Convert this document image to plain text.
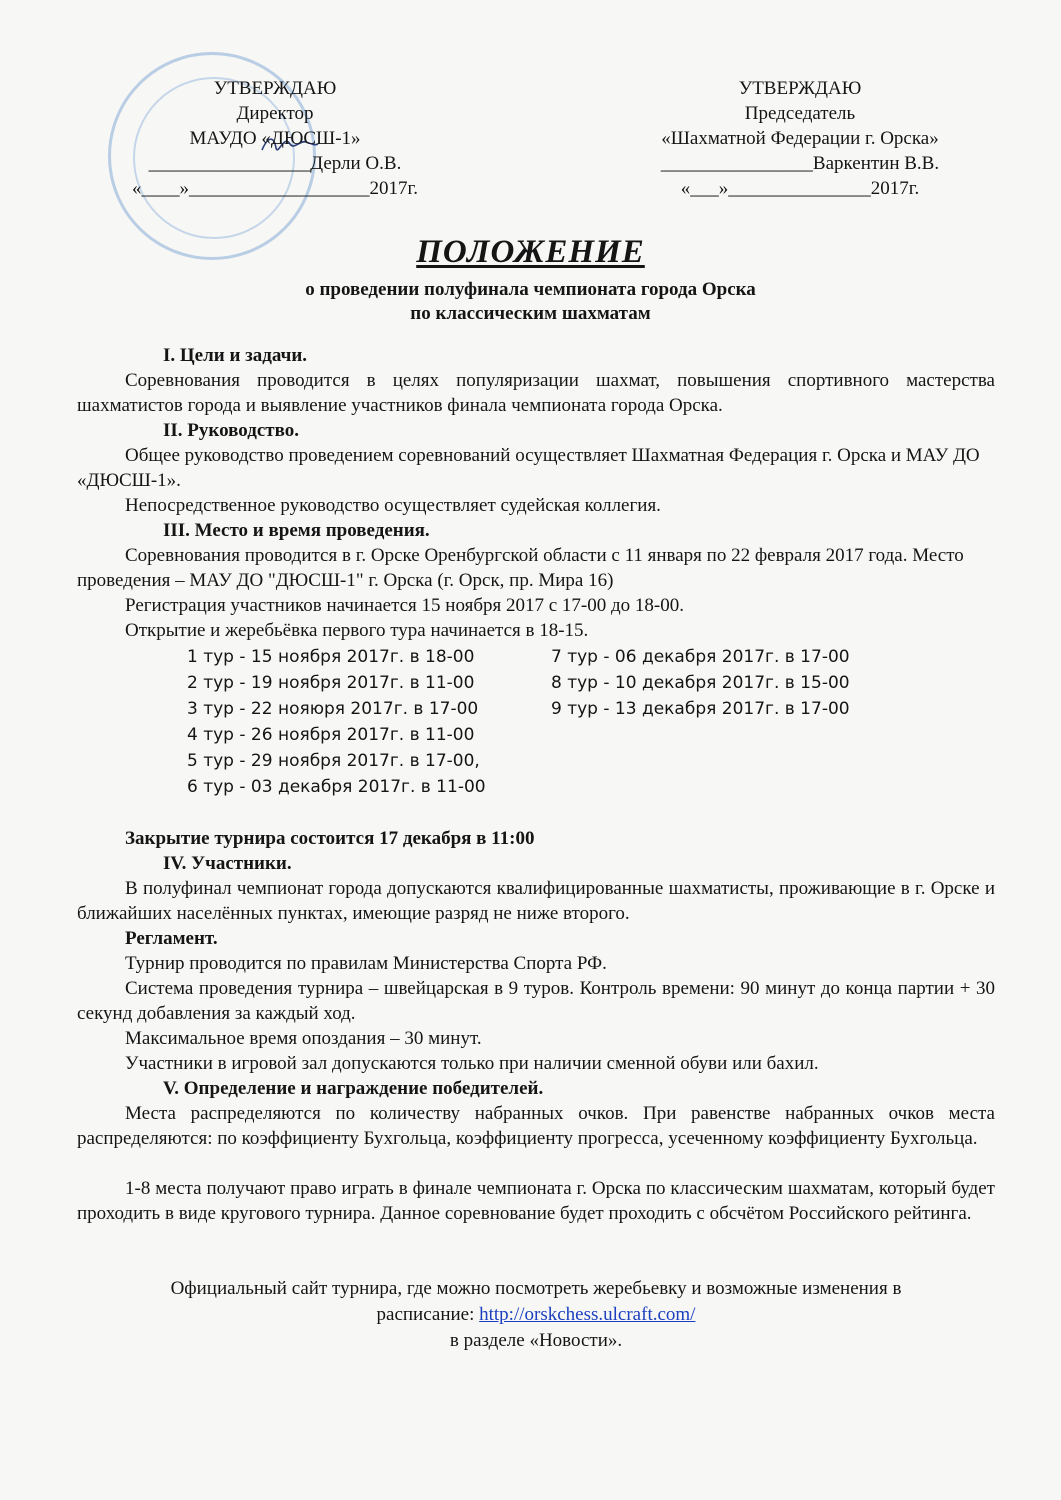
УТВЕРЖДАЮ
Директор
МАУДО «ДЮСШ-1»
_________________Дерли О.В.
«____»___________________2017г.
УТВЕРЖДАЮ
Председатель
«Шахматной Федерации г. Орска»
________________Варкентин В.В.
«___»_______________2017г.
ПОЛОЖЕНИЕ
о проведении полуфинала чемпионата города Орска
по классическим шахматам
I. Цели и задачи.
Соревнования проводится в целях популяризации шахмат, повышения спортивного мастерства шахматистов города и выявление участников финала чемпионата города Орска.
II. Руководство.
Общее руководство проведением соревнований осуществляет Шахматная Федерация г. Орска и МАУ ДО «ДЮСШ-1».
Непосредственное руководство осуществляет судейская коллегия.
III. Место и время проведения.
Соревнования проводится в г. Орске Оренбургской области с 11 января по 22 февраля 2017 года. Место проведения – МАУ ДО "ДЮСШ-1" г. Орска (г. Орск, пр. Мира 16)
Регистрация участников начинается 15 ноября 2017 с 17-00 до 18-00.
Открытие и жеребьёвка первого тура начинается в 18-15.
1 тур - 15 ноября 2017г. в 18-00
2 тур - 19 ноября 2017г. в 11-00
3 тур - 22 нояюря 2017г. в 17-00
4 тур - 26 ноября 2017г. в 11-00
5 тур - 29 ноября 2017г. в 17-00,
6 тур - 03 декабря 2017г. в 11-00
7 тур - 06 декабря 2017г. в 17-00
8 тур - 10 декабря 2017г. в 15-00
9 тур - 13 декабря 2017г. в 17-00
Закрытие турнира состоится 17 декабря в 11:00
IV. Участники.
В полуфинал чемпионат города допускаются квалифицированные шахматисты, проживающие в г. Орске и ближайших населённых пунктах, имеющие разряд не ниже второго.
Регламент.
Турнир проводится по правилам Министерства Спорта РФ.
Система проведения турнира – швейцарская в 9 туров. Контроль времени: 90 минут до конца партии + 30 секунд добавления за каждый ход.
Максимальное время опоздания – 30 минут.
Участники в игровой зал допускаются только при наличии сменной обуви или бахил.
V. Определение и награждение победителей.
Места распределяются по количеству набранных очков. При равенстве набранных очков места распределяются: по коэффициенту Бухгольца, коэффициенту прогресса, усеченному коэффициенту Бухгольца.
1-8 места получают право играть в финале чемпионата г. Орска по классическим шахматам, который будет проходить в виде кругового турнира. Данное соревнование будет проходить с обсчётом Российского рейтинга.
Официальный сайт турнира, где можно посмотреть жеребьевку и возможные изменения в
расписание: http://orskchess.ulcraft.com/
в разделе «Новости».
